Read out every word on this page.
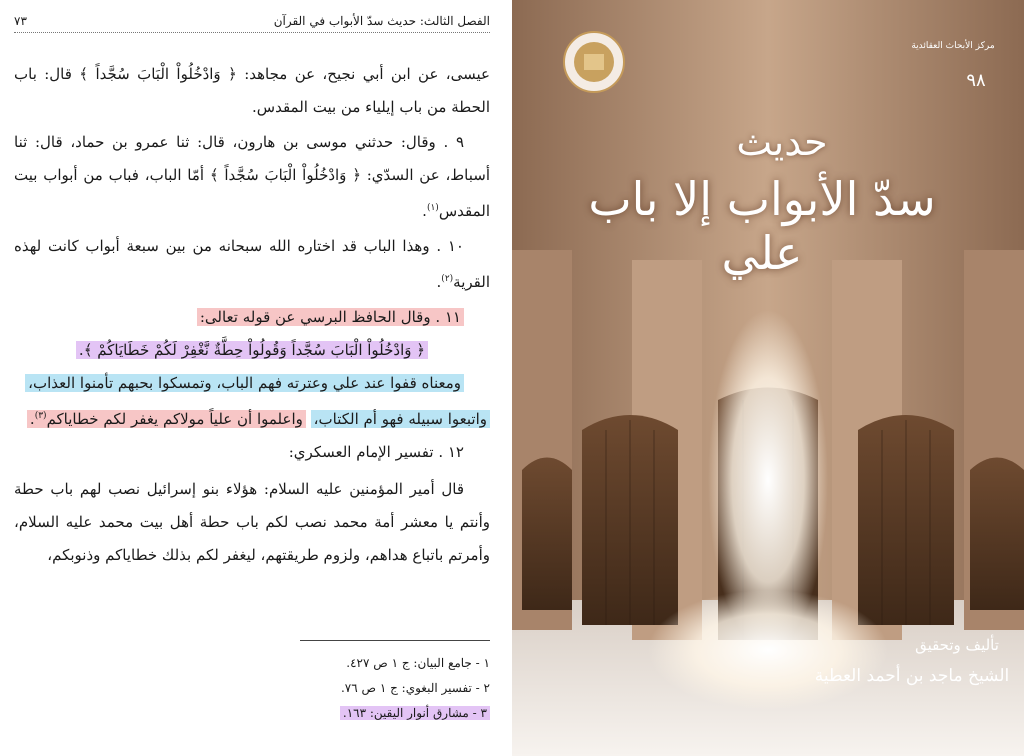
الفصل الثالث: حديث سدّ الأبواب في القرآن
٧٣

عيسى، عن ابن أبي نجيح، عن مجاهد: ﴿ وَادْخُلُواْ الْبَابَ سُجَّداً ﴾ قال: باب الحطة من باب إيلياء من بيت المقدس.

٩ . وقال: حدثني موسى بن هارون، قال: ثنا عمرو بن حماد، قال: ثنا أسباط، عن السدّي: ﴿ وَادْخُلُواْ الْبَابَ سُجَّداً ﴾ أمّا الباب، فباب من أبواب بيت المقدس$^{(١)}$.

١٠ . وهذا الباب قد اختاره الله سبحانه من بين سبعة أبواب كانت لهذه القرية$^{(٢)}$.

١١ . وقال الحافظ البرسي عن قوله تعالى:

﴿ وَادْخُلُواْ الْبَابَ سُجَّداً وَقُولُواْ حِطَّةٌ نَّغْفِرْ لَكُمْ خَطَايَاكُمْ ﴾.

ومعناه قفوا عند علي وعترته فهم الباب، وتمسكوا بحبهم تأمنوا العذاب،
واتبعوا سبيله فهو أم الكتاب، واعلموا أن علياً مولاكم يغفر لكم خطاياكم$^{(٣)}$.

١٢ . تفسير الإمام العسكري:

قال أمير المؤمنين عليه السلام: هؤلاء بنو إسرائيل نصب لهم باب حطة وأنتم يا معشر أمة محمد نصب لكم باب حطة أهل بيت محمد عليه السلام، وأمرتم باتباع هداهم، ولزوم طريقتهم، ليغفر لكم بذلك خطاياكم وذنوبكم،

١ - جامع البيان: ج ١ ص ٤٢٧.
٢ - تفسير البغوي: ج ١ ص ٧٦.
٣ - مشارق أنوار اليقين: ١٦٣.
مركز الأبحاث العقائدية
٩٨
حديث
سدّ الأبواب إلا باب علي
تأليف وتحقيق
الشيخ ماجد بن أحمد العطية
